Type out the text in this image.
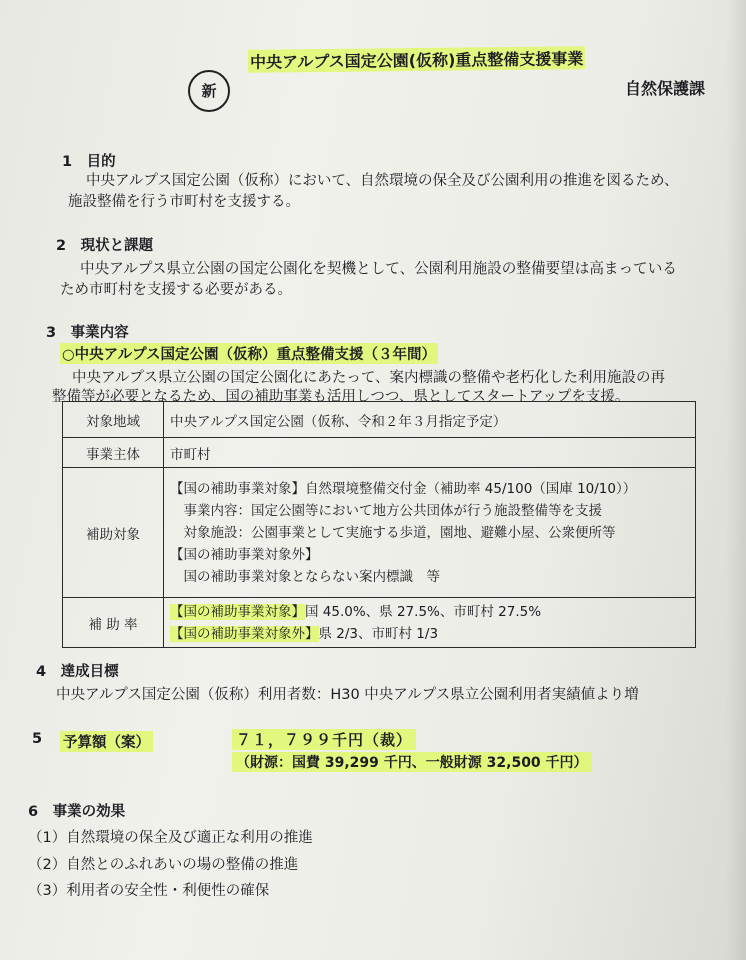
新
中央アルプス国定公園(仮称)重点整備支援事業
自然保護課
1　目的
中央アルプス国定公園（仮称）において、自然環境の保全及び公園利用の推進を図るため、
施設整備を行う市町村を支援する。
2　現状と課題
中央アルプス県立公園の国定公園化を契機として、公園利用施設の整備要望は高まっている
ため市町村を支援する必要がある。
3　事業内容
○中央アルプス国定公園（仮称）重点整備支援（３年間）
中央アルプス県立公園の国定公園化にあたって、案内標識の整備や老朽化した利用施設の再
整備等が必要となるため、国の補助事業も活用しつつ、県としてスタートアップを支援。
対象地域	中央アルプス国定公園（仮称、令和２年３月指定予定）
事業主体	市町村
補助対象	【国の補助事業対象】自然環境整備交付金（補助率 45/100（国庫 10/10））
　事業内容：国定公園等において地方公共団体が行う施設整備等を支援
　対象施設：公園事業として実施する歩道，園地、避難小屋、公衆便所等
【国の補助事業対象外】
　国の補助事業対象とならない案内標識　等

補 助 率	【国の補助事業対象】国 45.0%、県 27.5%、市町村 27.5%
【国の補助事業対象外】県 2/3、市町村 1/3
4　達成目標
中央アルプス国定公園（仮称）利用者数：H30 中央アルプス県立公園利用者実績値より増
5 予算額（案）	７１，７９９千円（裁）
（財源：国費 39,299 千円、一般財源 32,500 千円）
6　事業の効果
（1）自然環境の保全及び適正な利用の推進
（2）自然とのふれあいの場の整備の推進
（3）利用者の安全性・利便性の確保
